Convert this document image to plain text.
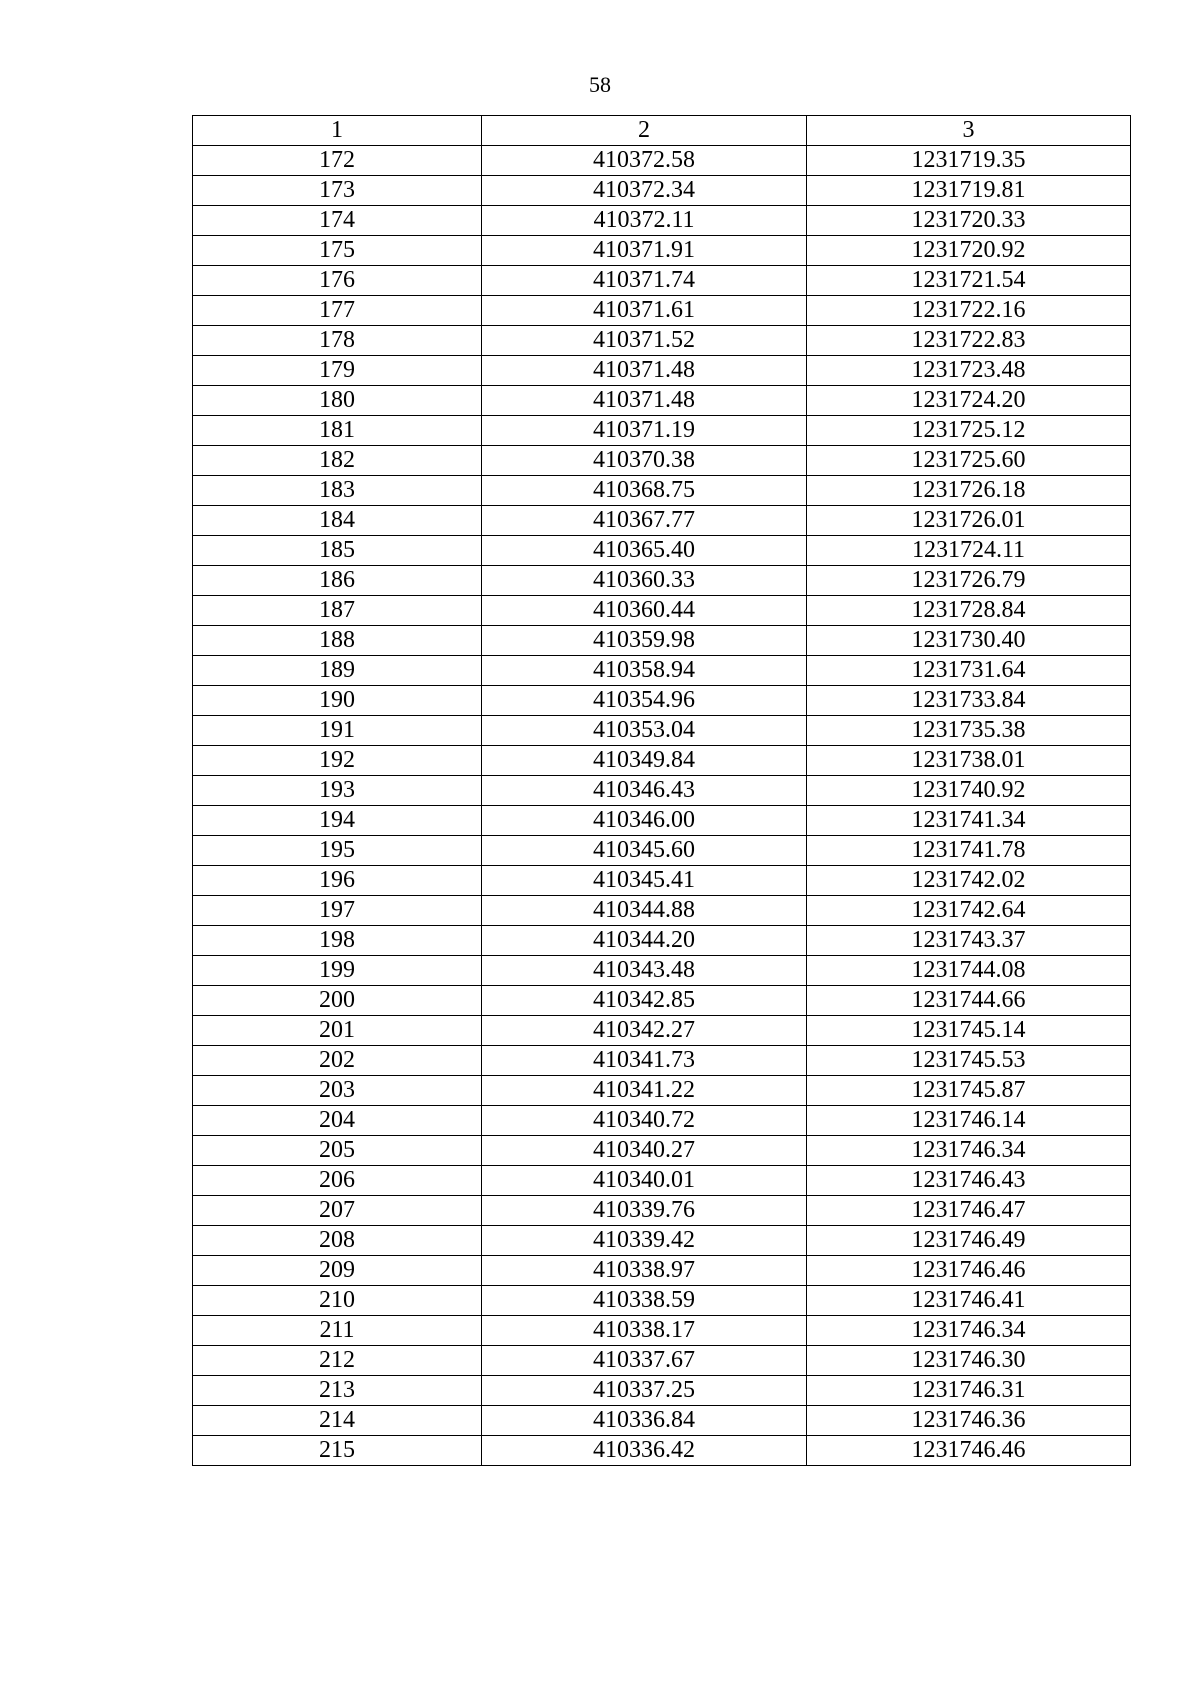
58
1	2	3
172	410372.58	1231719.35
173	410372.34	1231719.81
174	410372.11	1231720.33
175	410371.91	1231720.92
176	410371.74	1231721.54
177	410371.61	1231722.16
178	410371.52	1231722.83
179	410371.48	1231723.48
180	410371.48	1231724.20
181	410371.19	1231725.12
182	410370.38	1231725.60
183	410368.75	1231726.18
184	410367.77	1231726.01
185	410365.40	1231724.11
186	410360.33	1231726.79
187	410360.44	1231728.84
188	410359.98	1231730.40
189	410358.94	1231731.64
190	410354.96	1231733.84
191	410353.04	1231735.38
192	410349.84	1231738.01
193	410346.43	1231740.92
194	410346.00	1231741.34
195	410345.60	1231741.78
196	410345.41	1231742.02
197	410344.88	1231742.64
198	410344.20	1231743.37
199	410343.48	1231744.08
200	410342.85	1231744.66
201	410342.27	1231745.14
202	410341.73	1231745.53
203	410341.22	1231745.87
204	410340.72	1231746.14
205	410340.27	1231746.34
206	410340.01	1231746.43
207	410339.76	1231746.47
208	410339.42	1231746.49
209	410338.97	1231746.46
210	410338.59	1231746.41
211	410338.17	1231746.34
212	410337.67	1231746.30
213	410337.25	1231746.31
214	410336.84	1231746.36
215	410336.42	1231746.46
